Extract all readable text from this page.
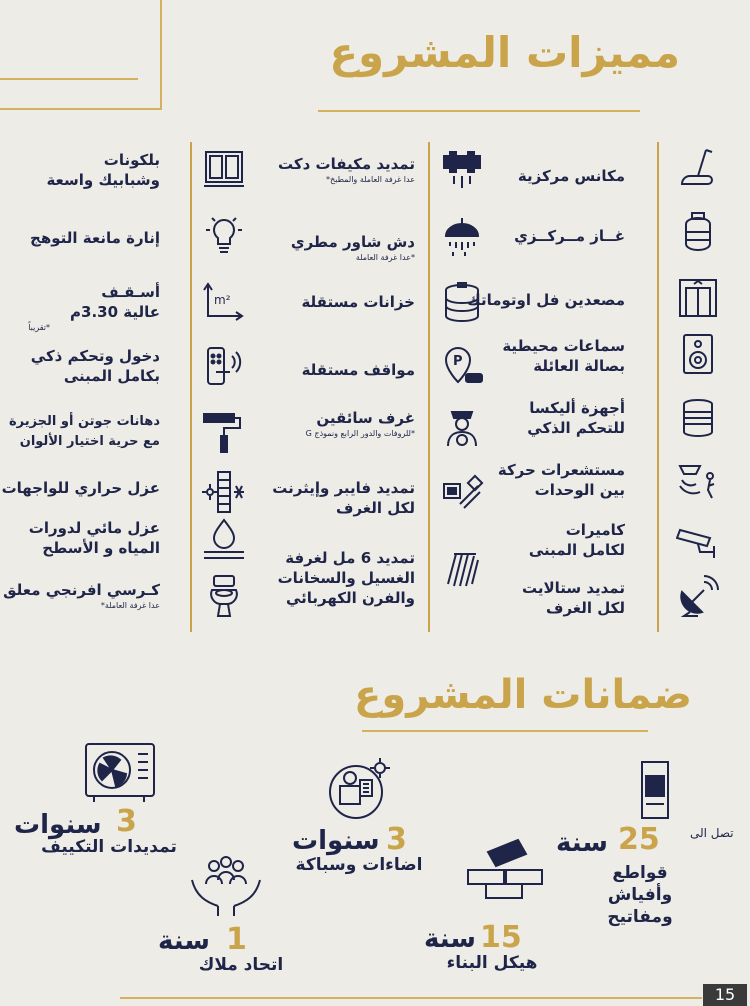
مميزات المشروع
مكانس مركزية
غــاز مــركــزي
مصعدين فل اوتوماتك
سماعات محيطية
بصالة العائلة
أجهزة أليكسا
للتحكم الذكي
مستشعرات حركة
بين الوحدات
كاميرات
لكامل المبنى
تمديد ستالايت
لكل الغرف
تمديد مكيفات دكت
عدا غرفة العاملة والمطبخ*
دش شاور مطري
*عدا غرفة العاملة
خزانات مستقلة
P
مواقف مستقلة
غرف سائقين
*للروفات والدور الرابع ونموذج G
تمديد فايبر وإيثرنت
لكل الغرف
تمديد 6 مل لغرفة
الغسيل والسخانات
والفرن الكهربائي
بلكونات
وشبابيك واسعة
إنارة مانعة التوهج
m²
أسـقـف
عالية 3.30م
*تقريباً
دخول وتحكم ذكي
بكامل المبنى
دهانات جوتن أو الجزيرة
مع حرية اختيار الألوان
عزل حراري للواجهات
عزل مائي لدورات
المياه و الأسطح
كـرسي افرنجي معلق
عدا غرفة العاملة*
ضمانات المشروع
تصل الى
25
سنة
قواطع وأفياش
ومفاتيح
3
سنوات
اضاءات وسباكة
3
سنوات
تمديدات التكييف
15
سنة
هيكل البناء
1
سنة
اتحاد ملاك
15
